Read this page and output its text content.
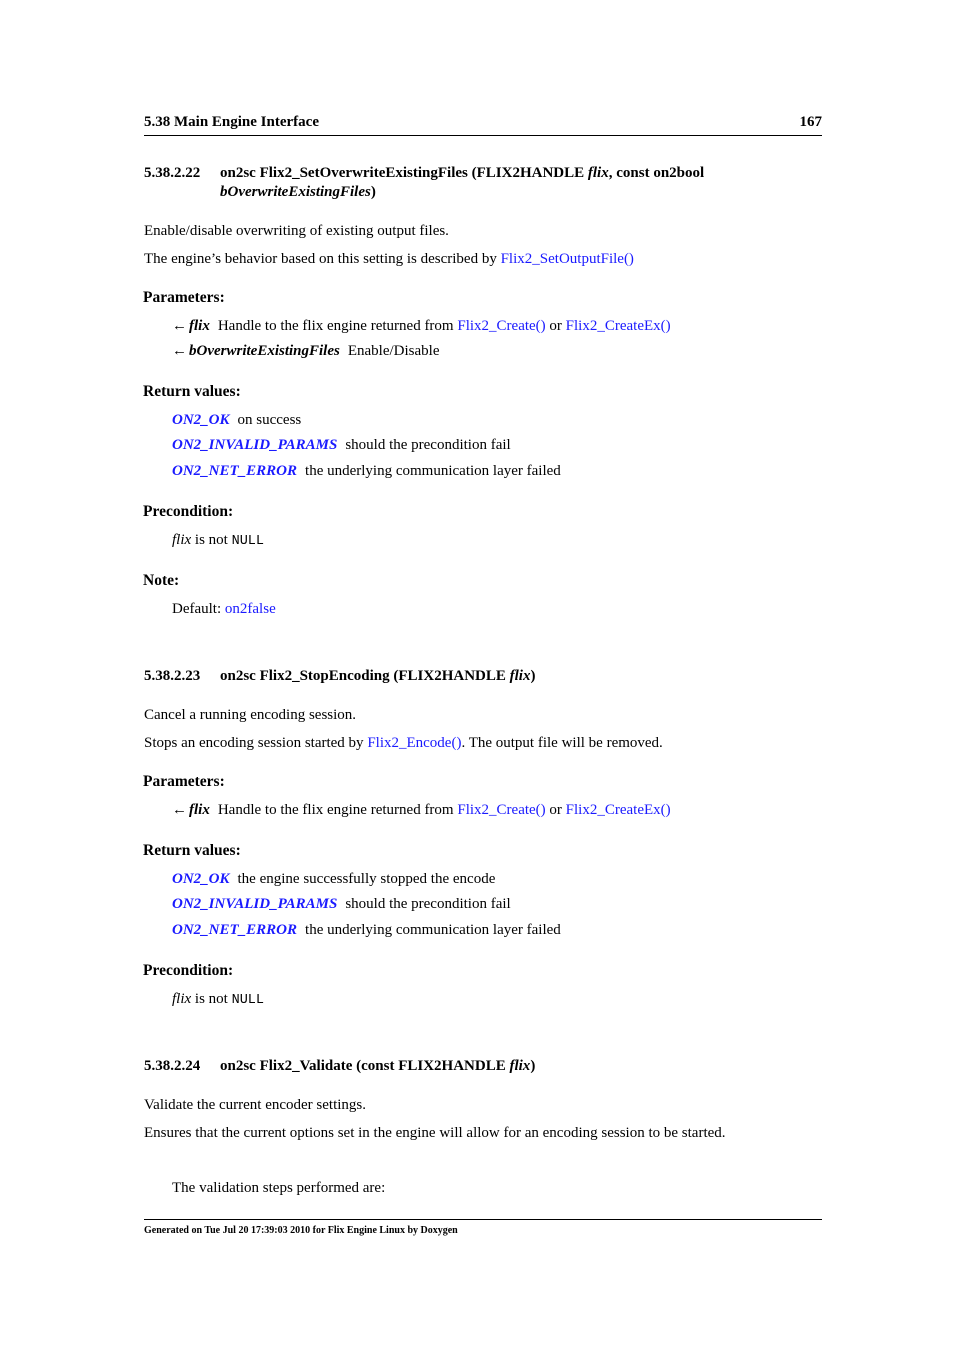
5.38 Main Engine Interface	167
5.38.2.22 on2sc Flix2_SetOverwriteExistingFiles (FLIX2HANDLE flix, const on2bool
bOverwriteExistingFiles)
Enable/disable overwriting of existing output files.
The engine’s behavior based on this setting is described by Flix2_SetOutputFile()
Parameters:
← flix Handle to the flix engine returned from Flix2_Create() or Flix2_CreateEx()
← bOverwriteExistingFiles Enable/Disable
Return values:
ON2_OK on success
ON2_INVALID_PARAMS should the precondition fail
ON2_NET_ERROR the underlying communication layer failed
Precondition:
flix is not NULL
Note:
Default: on2false
5.38.2.23 on2sc Flix2_StopEncoding (FLIX2HANDLE flix)
Cancel a running encoding session.
Stops an encoding session started by Flix2_Encode(). The output file will be removed.
Parameters:
← flix Handle to the flix engine returned from Flix2_Create() or Flix2_CreateEx()
Return values:
ON2_OK the engine successfully stopped the encode
ON2_INVALID_PARAMS should the precondition fail
ON2_NET_ERROR the underlying communication layer failed
Precondition:
flix is not NULL
5.38.2.24 on2sc Flix2_Validate (const FLIX2HANDLE flix)
Validate the current encoder settings.
Ensures that the current options set in the engine will allow for an encoding session to be started.
The validation steps performed are:
Generated on Tue Jul 20 17:39:03 2010 for Flix Engine Linux by Doxygen
